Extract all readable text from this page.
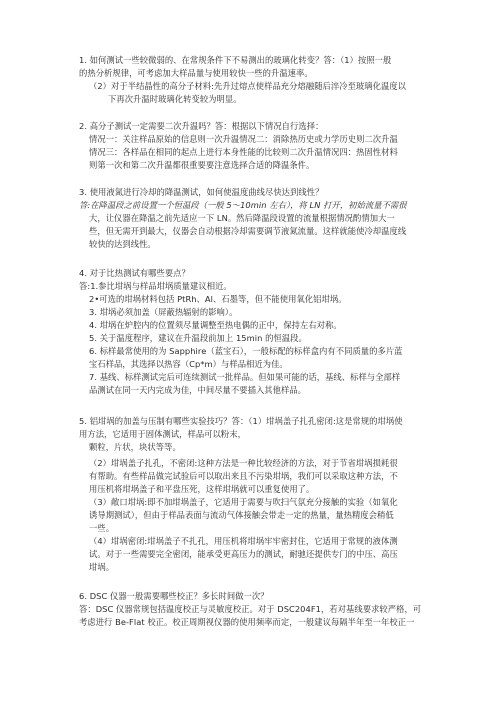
1. 如何测试一些较微弱的、在常规条件下不易测出的玻璃化转变？答：（1）按照一般
的热分析规律，可考虑加大样品量与使用较快一些的升温速率。
（2）对于半结晶性的高分子材料:先升过熔点使样品充分熔融随后淬冷至玻璃化温度以
下再次升温时玻璃化转变较为明显。
2. 高分子测试一定需要二次升温吗？答：根据以下情况自行选择：
情况一：关注样品原始的信息则一次升温情况二：消除热历史或力学历史则二次升温
情况三：各样品在相同的起点上进行本身性能的比较则二次升温情况四：热固性材料
则第一次和第二次升温都很重要要注意选择合适的降温条件。
3. 使用液氮进行冷却的降温测试，如何使温度曲线尽快达到线性？
答:在降温段之前设置一个恒温段（一般 5～10min 左右），将 LN 打开，初始流量不需很
大，让仪器在降温之前先适应一下 LN。然后降温段设置的流量根据情况酌情加大一
些，但无需开到最大，仪器会自动根据冷却需要调节液氮流量。这样就能使冷却温度线
较快的达到线性。
4. 对于比热测试有哪些要点？
答:1.参比坩埚与样品坩埚质量建议相近。
2•可选的坩埚材料包括 PtRh、Al、石墨等，但不能使用氧化铝坩埚。
3. 坩埚必须加盖（屏蔽热辐射的影响）。
4. 坩埚在炉腔内的位置须尽量调整至热电偶的正中，保持左右对称。
5. 关于温度程序，建议在升温段前加上 15min 的恒温段。
6. 标样最常使用的为 Sapphire（蓝宝石），一般标配的标样盒内有不同质量的多片蓝
宝石样品，其选择以热容（Cp*m）与样品相近为佳。
7. 基线、标样测试完后可连续测试一批样品。但如果可能的话，基线、标样与全部样
品测试在同一天内完成为佳，中间尽量不要插入其他样品。
5. 铝坩埚的加盖与压制有哪些实验技巧？答：（1）坩埚盖子扎孔密闭:这是常规的坩埚使
用方法，它适用于固体测试，样品可以粉末，
颗粒，片状，块状等等。
（2）坩埚盖子扎孔，不密闭:这种方法是一种比较经济的方法，对于节省坩埚损耗很
有帮助。有些样品做完试验后可以取出来且不污染坩埚，我们可以采取这种方法，不
用压机将坩埚盖子和平盘压死，这样坩埚就可以重复使用了。
（3）敞口坩埚:即不加坩埚盖子，它适用于需要与吹扫气氛充分接触的实验（如氧化
诱导期测试），但由于样品表面与流动气体接触会带走一定的热量，量热精度会稍低
一些。
（4）坩埚密闭:坩埚盖子不扎孔，用压机将坩埚牢牢密封住，它适用于常规的液体测
试。对于一些需要完全密闭，能承受更高压力的测试，耐驰还提供专门的中压、高压
坩埚。
6. DSC 仪器一般需要哪些校正？多长时间做一次？
答：DSC 仪器常规包括温度校正与灵敏度校正。对于 DSC204F1，若对基线要求较严格，可
考虑进行 Be-Flat 校正。校正周期视仪器的使用频率而定，一般建议每隔半年至一年校正一
